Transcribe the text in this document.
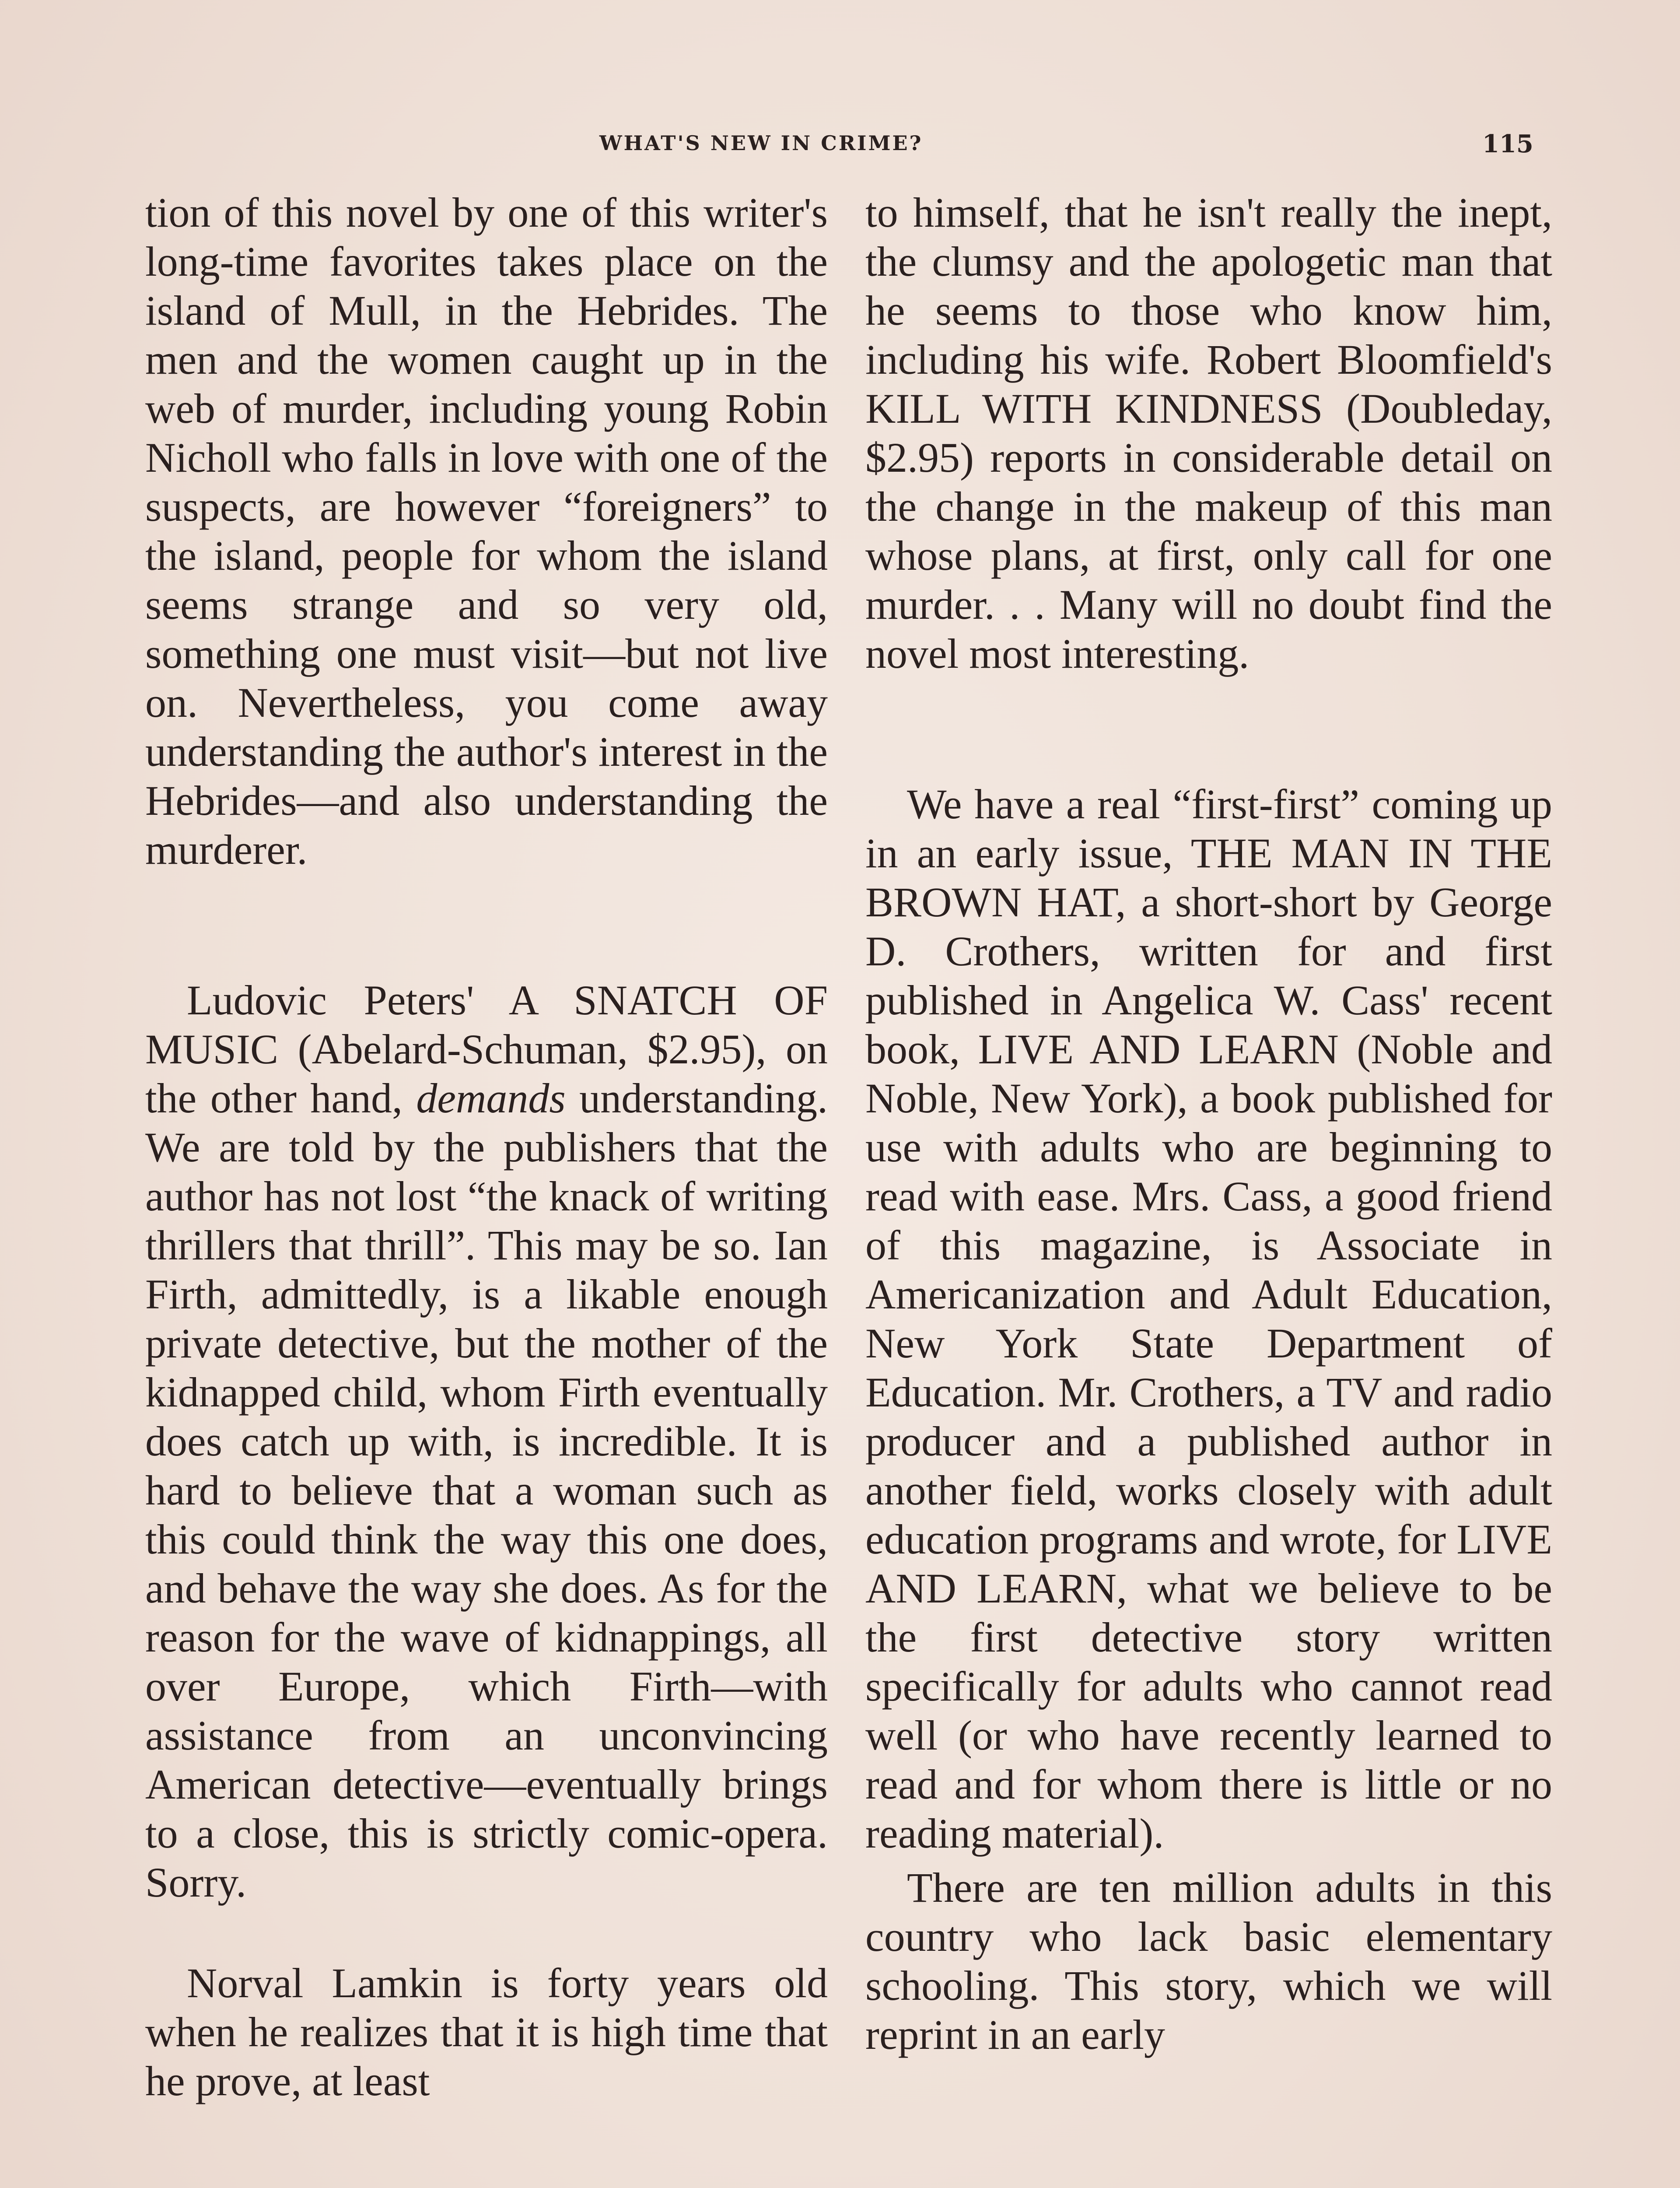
WHAT'S NEW IN CRIME?	115

tion of this novel by one of this writer's long-time favorites takes place on the island of Mull, in the Hebrides. The men and the women caught up in the web of murder, including young Robin Nicholl who falls in love with one of the suspects, are however “foreigners” to the island, people for whom the island seems strange and so very old, something one must visit—but not live on. Nevertheless, you come away understanding the author's interest in the Hebrides—and also understanding the murderer.

Ludovic Peters' A SNATCH OF MUSIC (Abelard-Schuman, $2.95), on the other hand, demands understanding. We are told by the publishers that the author has not lost “the knack of writing thrillers that thrill”. This may be so. Ian Firth, admittedly, is a likable enough private detective, but the mother of the kidnapped child, whom Firth eventually does catch up with, is incredible. It is hard to believe that a woman such as this could think the way this one does, and behave the way she does. As for the reason for the wave of kidnappings, all over Europe, which Firth—with assistance from an unconvincing American detective—eventually brings to a close, this is strictly comic-opera. Sorry.

Norval Lamkin is forty years old when he realizes that it is high time that he prove, at least

to himself, that he isn't really the inept, the clumsy and the apologetic man that he seems to those who know him, including his wife. Robert Bloomfield's KILL WITH KINDNESS (Doubleday, $2.95) reports in considerable detail on the change in the makeup of this man whose plans, at first, only call for one murder. . . Many will no doubt find the novel most interesting.

We have a real “first-first” coming up in an early issue, THE MAN IN THE BROWN HAT, a short-short by George D. Crothers, written for and first published in Angelica W. Cass' recent book, LIVE AND LEARN (Noble and Noble, New York), a book published for use with adults who are beginning to read with ease. Mrs. Cass, a good friend of this magazine, is Associate in Americanization and Adult Education, New York State Department of Education. Mr. Crothers, a TV and radio producer and a published author in another field, works closely with adult education programs and wrote, for LIVE AND LEARN, what we believe to be the first detective story written specifically for adults who cannot read well (or who have recently learned to read and for whom there is little or no reading material).

There are ten million adults in this country who lack basic elementary schooling. This story, which we will reprint in an early
